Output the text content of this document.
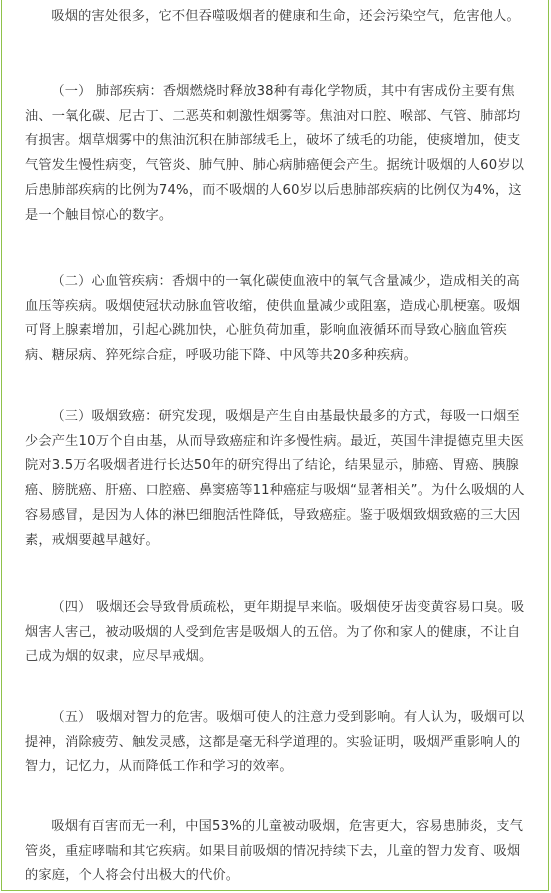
吸烟的害处很多，它不但吞噬吸烟者的健康和生命，还会污染空气，危害他人。

（一） 肺部疾病：香烟燃烧时释放38种有毒化学物质，其中有害成份主要有焦油、一氧化碳、尼古丁、二恶英和刺激性烟雾等。焦油对口腔、喉部、气管、肺部均有损害。烟草烟雾中的焦油沉积在肺部绒毛上，破坏了绒毛的功能，使痰增加，使支气管发生慢性病变，气管炎、肺气肿、肺心病肺癌便会产生。据统计吸烟的人60岁以后患肺部疾病的比例为74%，而不吸烟的人60岁以后患肺部疾病的比例仅为4%，这是一个触目惊心的数字。

（二）心血管疾病：香烟中的一氧化碳使血液中的氧气含量减少，造成相关的高血压等疾病。吸烟使冠状动脉血管收缩，使供血量减少或阻塞，造成心肌梗塞。吸烟可肾上腺素增加，引起心跳加快，心脏负荷加重，影响血液循环而导致心脑血管疾病、糖尿病、猝死综合症，呼吸功能下降、中风等共20多种疾病。

（三）吸烟致癌：研究发现，吸烟是产生自由基最快最多的方式，每吸一口烟至少会产生10万个自由基，从而导致癌症和许多慢性病。最近，英国牛津提德克里夫医院对3.5万名吸烟者进行长达50年的研究得出了结论，结果显示，肺癌、胃癌、胰腺癌、膀胱癌、肝癌、口腔癌、鼻窦癌等11种癌症与吸烟“显著相关”。为什么吸烟的人容易感冒，是因为人体的淋巴细胞活性降低，导致癌症。鉴于吸烟致烟致癌的三大因素，戒烟要越早越好。

（四） 吸烟还会导致骨质疏松，更年期提早来临。吸烟使牙齿变黄容易口臭。吸烟害人害己，被动吸烟的人受到危害是吸烟人的五倍。为了你和家人的健康，不让自己成为烟的奴隶，应尽早戒烟。

（五） 吸烟对智力的危害。吸烟可使人的注意力受到影响。有人认为，吸烟可以提神，消除疲劳、触发灵感，这都是毫无科学道理的。实验证明，吸烟严重影响人的智力，记忆力，从而降低工作和学习的效率。

吸烟有百害而无一利，中国53%的儿童被动吸烟，危害更大，容易患肺炎，支气管炎，重症哮喘和其它疾病。如果目前吸烟的情况持续下去，儿童的智力发育、吸烟的家庭，个人将会付出极大的代价。
